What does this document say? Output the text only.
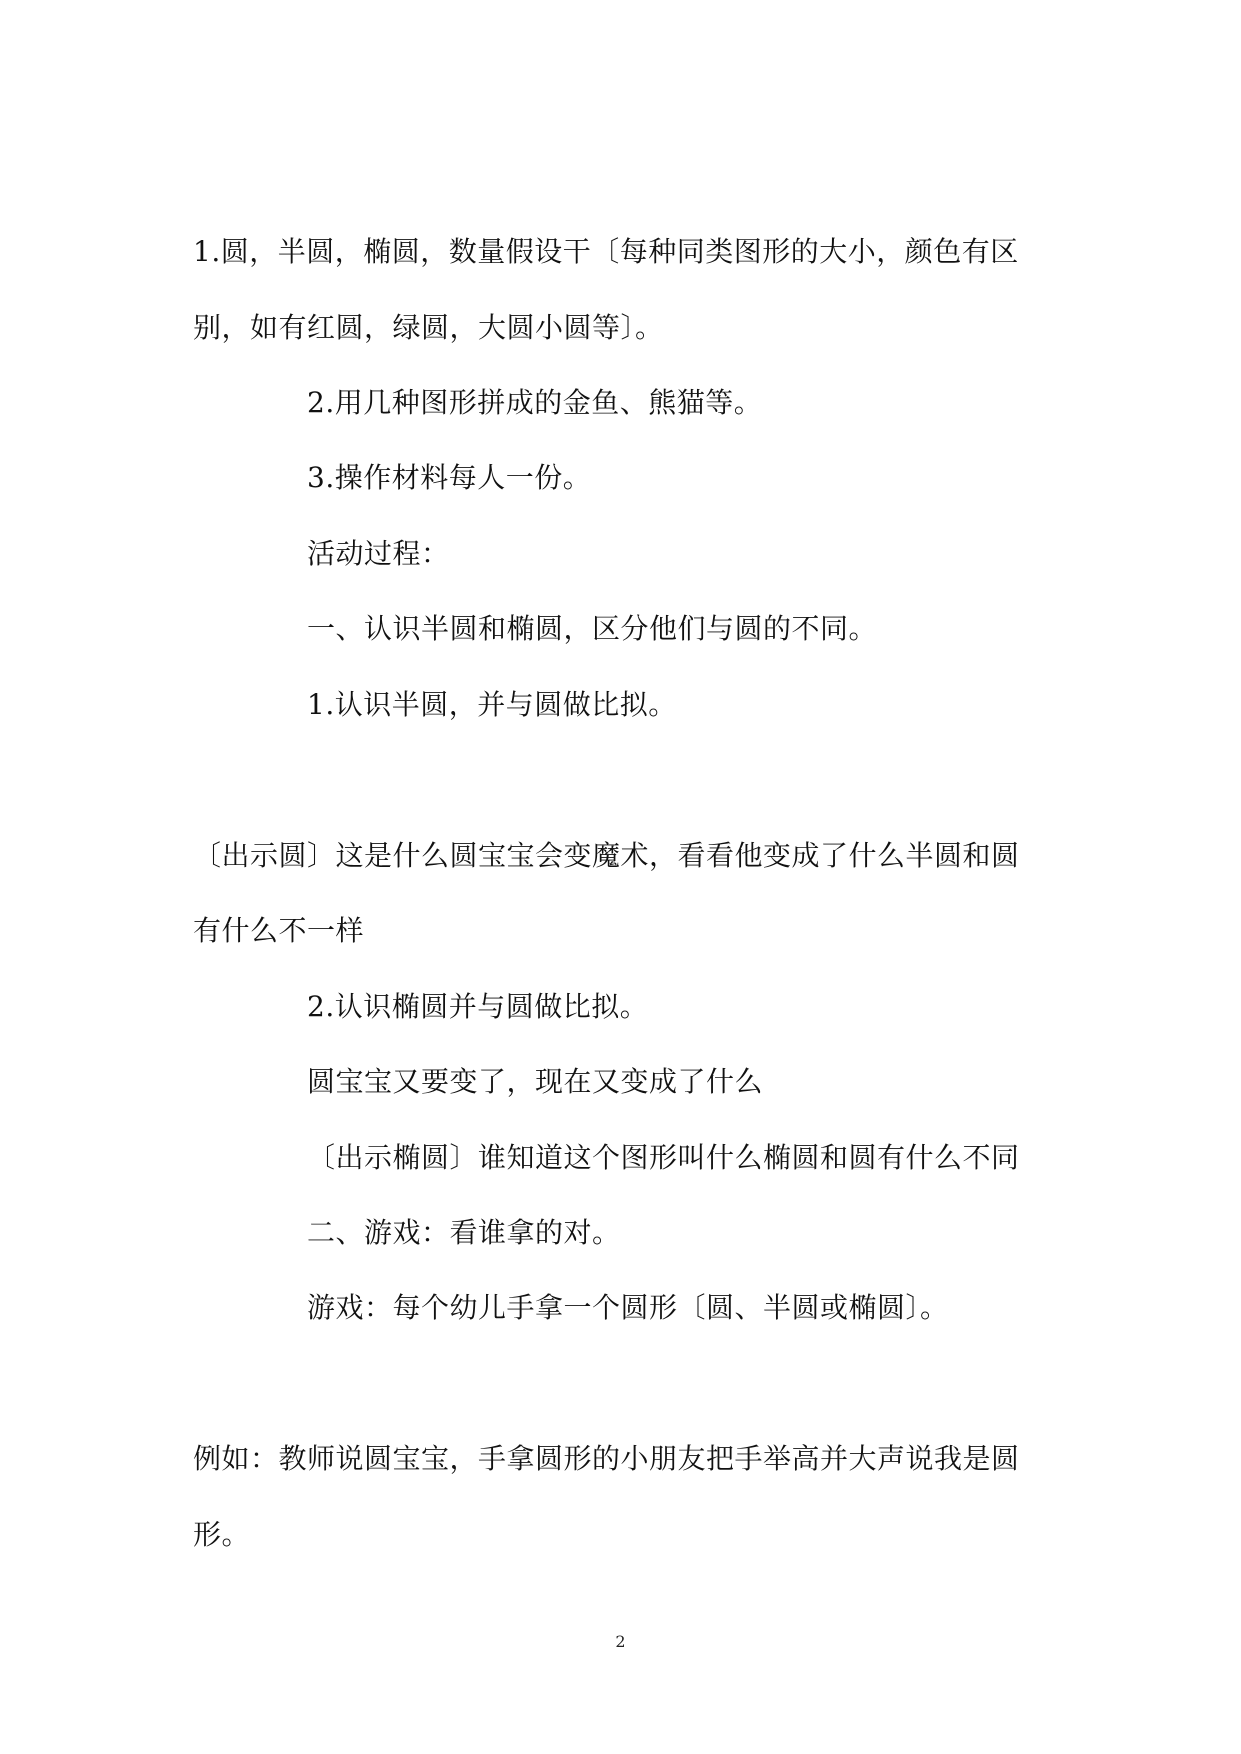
1.圆，半圆，椭圆，数量假设干〔每种同类图形的大小，颜色有区
别，如有红圆，绿圆，大圆小圆等〕。
2.用几种图形拼成的金鱼、熊猫等。
3.操作材料每人一份。
活动过程：
一、认识半圆和椭圆，区分他们与圆的不同。
1.认识半圆，并与圆做比拟。
〔出示圆〕这是什么圆宝宝会变魔术，看看他变成了什么半圆和圆
有什么不一样
2.认识椭圆并与圆做比拟。
圆宝宝又要变了，现在又变成了什么
〔出示椭圆〕谁知道这个图形叫什么椭圆和圆有什么不同
二、游戏：看谁拿的对。
游戏：每个幼儿手拿一个圆形〔圆、半圆或椭圆〕。
例如：教师说圆宝宝，手拿圆形的小朋友把手举高并大声说我是圆
形。
2
